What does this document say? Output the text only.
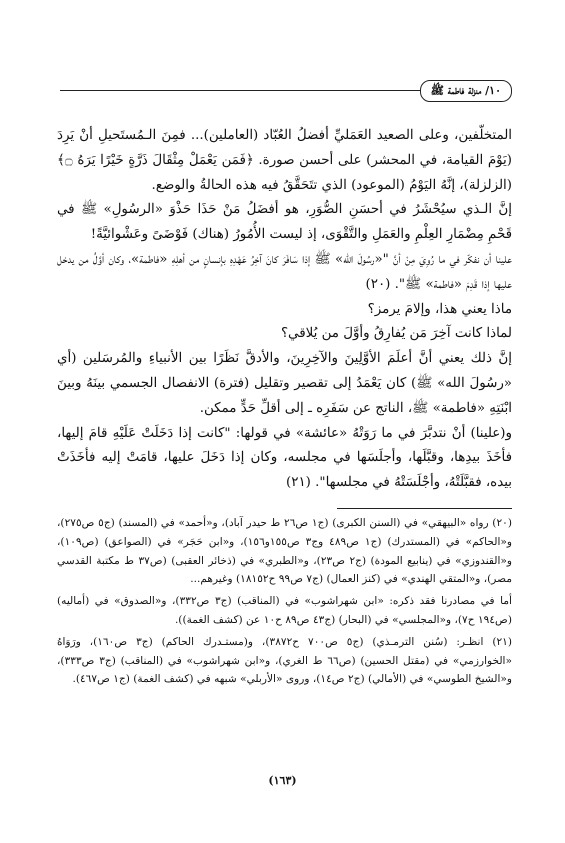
١٠/ منزلة فاطمة ﷺ

المتخلّفين، وعلى الصعيد العَمَليِّ أفضلُ العُبّاد (العاملين)... فمِنَ الـمُستَحيلِ أنْ يَرِدَ (يَوْمَ القيامة، في المحشر) على أحسن صورة. ﴿فَمَن يَعْمَلْ مِثْقَالَ ذَرَّةٍ خَيْرًا يَرَهُ ۝﴾ (الزلزلة)، إنَّهُ اليَوْمُ (الموعود) الذي تتَحَقَّقُ فيه هذه الحالةُ والوضع.

إنَّ الـذي سيُحْشَرُ في أحسَنِ الصُّوَرِ، هو أفضَلُ مَنْ حَذَا حَذْوَ «الرسُولِ» ﷺ في قَحْمِ مِضْمَارِ العِلْمِ والعَمَلِ والتَّقْوَى، إذ ليست الأُمُورُ (هناك) فَوْضَىً وعَشْوائيَّةً!

علينا أن نفكّر في ما رُوِيَ مِنْ أنَّ "«رسُولَ الله» ﷺ إذا سَافَرَ كانَ آخِرُ عَهْدِهِ بإنسانٍ من أهلِهِ «فاطمة»، وكان أوَّلُ من يدخل عليها إذا قَدِمَ «فاطمة» ﷺ". (٢٠)

ماذا يعني هذا، وإلامَ يرمز؟

لماذا كانت آخِرَ مَن يُفارِقُ وأوَّلَ من يُلاقي؟

إنَّ ذلك يعني أنَّ أعلَمَ الأوَّلِينَ والآخِرِينَ، والأدقَّ نَظَرًا بين الأنبياءِ والمُرسَلين (أي «رسُولَ الله» ﷺ) كان يَعْمَدُ إلى تقصير وتقليل (فترة) الانفصال الجسمي بينَهُ وبينَ ابْنَتِهِ «فاطمة» ﷺ، الناتج عن سَفَرِه ـ إلى أقلِّ حَدٍّ ممكن.

و(علينا) أنْ نتدبَّرَ في ما رَوَتْهُ «عائشة» في قولها: "كانت إذا دَخَلَتْ عَلَيْهِ قامَ إليها، فأخَذَ بيدِها، وقبَّلَها، وأجلَسَها في مجلسه، وكان إذا دَخَلَ عليها، قامَتْ إليه فأخَذَتْ بيده، فقبَّلَتْهُ، وأجْلَسَتْهُ في مجلسها". (٢١)

(٢٠) رواه «البيهقي» في (السنن الكبرى) (ج١ ص٢٦ ط حيدر آباد)، و«أحمد» في (المسند) (ج٥ ص٢٧٥)، و«الحاكم» في (المستدرك) (ج١ ص٤٨٩ وج٣ ص١٥٥و١٥٦)، و«ابن حَجَر» في (الصواعق) (ص١٠٩)، و«القندوزي» في (ينابيع المودة) (ج٢ ص٢٣)، و«الطبري» في (ذخائر العقبى) (ص٣٧ ط مكتبة القدسي مصر)، و«المتقي الهندي» في (كنز العمال) (ج٧ ص٩٩ ح١٨١٥٢) وغيرهم...

أما في مصادرنا فقد ذكره: «ابن شهراشوب» في (المناقب) (ج٣ ص٣٣٢)، و«الصدوق» في (أماليه) (ص١٩٤ ح٧)، و«المجلسي» في (البحار) (ج٤٣ ص٨٩ ح١٠ عن (كشف الغمة)).

(٢١) انظـر: (سُنن الترمـذي) (ج٥ ص٧٠٠ ح٣٨٧٢)، و(مستـدرك الحاكم) (ج٣ ص١٦٠)، ورَوَاهُ «الخوارزمي» في (مقتل الحسين) (ص٦٦ ط الغري)، و«ابن شهراشوب» في (المناقب) (ج٣ ص٣٣٣)، و«الشيخ الطوسي» في (الأمالي) (ج٢ ص١٤)، وروى «الأربلي» شبهه في (كشف الغمة) (ج١ ص٤٦٧).

(١٦٣)
